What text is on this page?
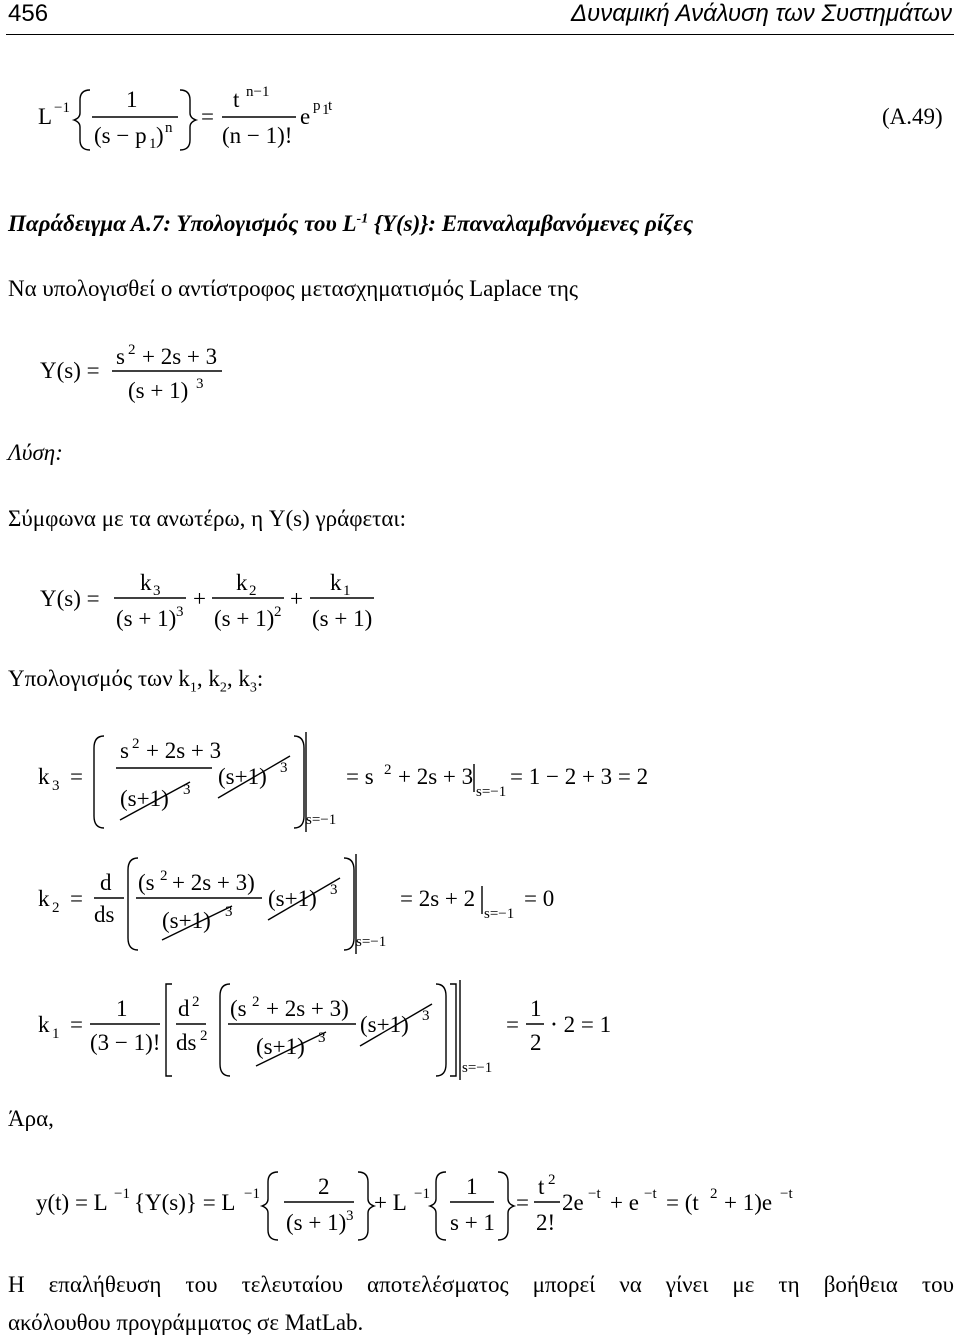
456	Δυναμική Ανάλυση των Συστημάτων
L −1 1
(s − p 1 ) n =
t n−1
(n − 1)!
e p 1
t	(A.49)
Παράδειγμα Α.7: Υπολογισμός του $L^{-1}$ {Y(s)}: Επαναλαμβανόμενες ρίζες
Να υπολογισθεί ο αντίστροφος μετασχηματισμός Laplace της
Y(s) =
s 2 + 2s + 3
(s + 1) 3
Λύση:
Σύμφωνα με τα ανωτέρω, η Y(s) γράφεται:
Y(s) =
k 3
(s + 1) 3
+
k 2
(s + 1) 2
+
k 1
(s + 1)
Υπολογισμός των $k_1$, $k_2$, $k_3$:
k 3 =
s 2 + 2s + 3
(s+1) 3
(s+1) 3
s=−1
= s 2 + 2s + 3
s=−1
= 1 − 2 + 3 = 2
k 2 =
d
ds
(s 2 + 2s + 3)
(s+1) 3
(s+1) 3
s=−1
= 2s + 2
s=−1
= 0
k 1 =
1
(3 − 1)!
d 2
ds 2
(s 2 + 2s + 3)
(s+1) 3
(s+1) 3
s=−1
=
1
2
⋅ 2 = 1
Άρα,
y(t) = L −1 {Y(s)} = L −1	2
(s + 1) 3
+ L −1 1
s + 1
=
t 2
2!
2e −t + e −t = (t 2 + 1)e −t
Η επαλήθευση του τελευταίου αποτελέσματος μπορεί να γίνει με τη βοήθεια του
ακόλουθου προγράμματος σε MatLab.
